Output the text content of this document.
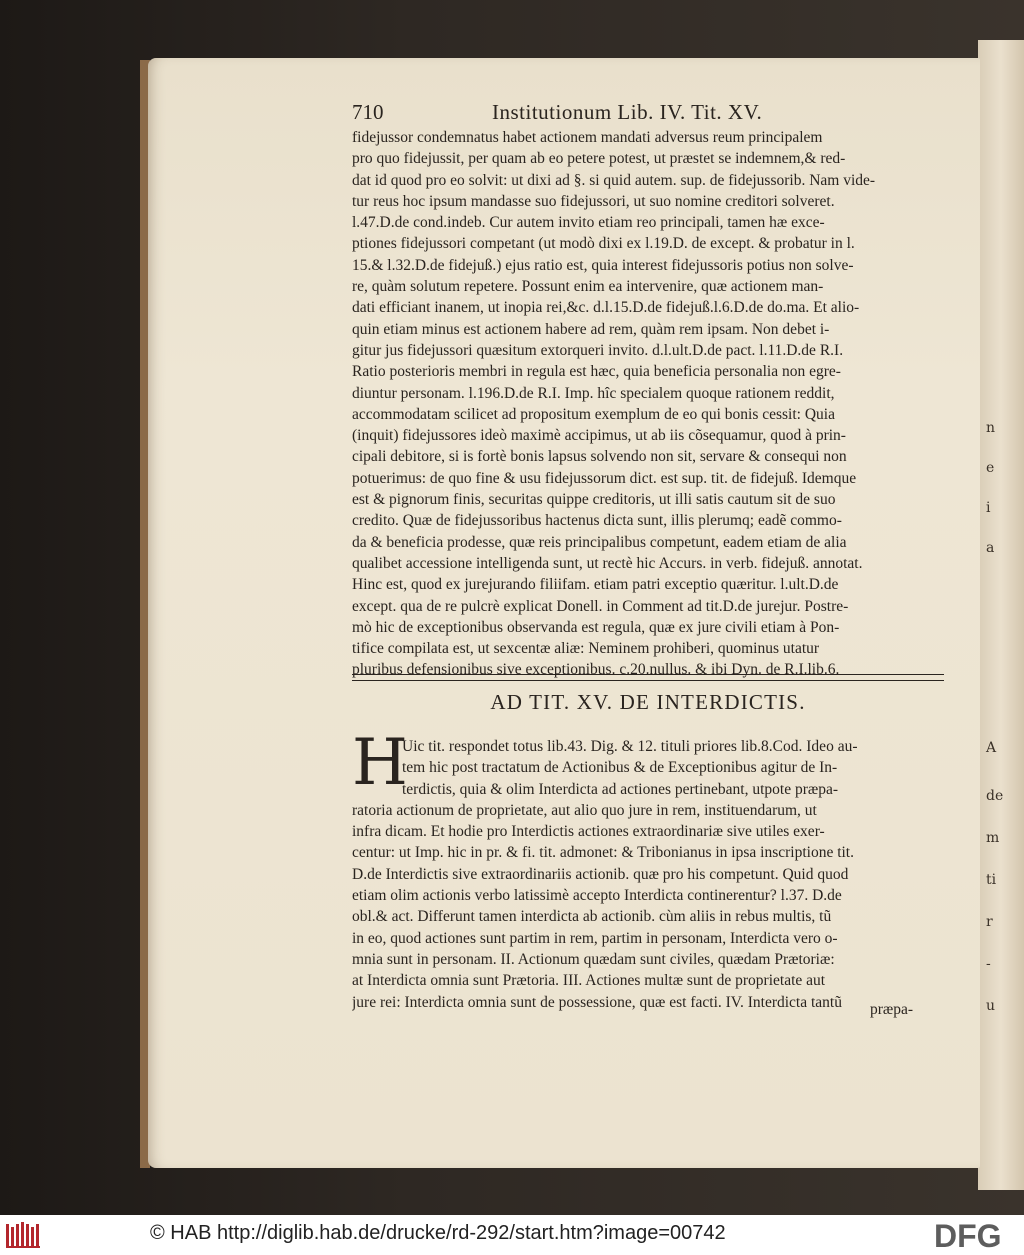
A
de
m
ti
r
-
u
n
e
i
a
710	Institutionum Lib. IV. Tit. XV.
fidejussor condemnatus habet actionem mandati adversus reum principalem
pro quo fidejussit, per quam ab eo petere potest, ut præstet se indemnem,& red-
dat id quod pro eo solvit: ut dixi ad §. si quid autem. sup. de fidejussorib. Nam vide-
tur reus hoc ipsum mandasse suo fidejussori, ut suo nomine creditori solveret.
l.47.D.de cond.indeb. Cur autem invito etiam reo principali, tamen hæ exce-
ptiones fidejussori competant (ut modò dixi ex l.19.D. de except. & probatur in l.
15.& l.32.D.de fidejuß.) ejus ratio est, quia interest fidejussoris potius non solve-
re, quàm solutum repetere. Possunt enim ea intervenire, quæ actionem man-
dati efficiant inanem, ut inopia rei,&c. d.l.15.D.de fidejuß.l.6.D.de do.ma. Et alio-
quin etiam minus est actionem habere ad rem, quàm rem ipsam. Non debet i-
gitur jus fidejussori quæsitum extorqueri invito. d.l.ult.D.de pact. l.11.D.de R.I.
Ratio posterioris membri in regula est hæc, quia beneficia personalia non egre-
diuntur personam. l.196.D.de R.I. Imp. hîc specialem quoque rationem reddit,
accommodatam scilicet ad propositum exemplum de eo qui bonis cessit: Quia
(inquit) fidejussores ideò maximè accipimus, ut ab iis cõsequamur, quod à prin-
cipali debitore, si is fortè bonis lapsus solvendo non sit, servare & consequi non
potuerimus: de quo fine & usu fidejussorum dict. est sup. tit. de fidejuß. Idemque
est & pignorum finis, securitas quippe creditoris, ut illi satis cautum sit de suo
credito. Quæ de fidejussoribus hactenus dicta sunt, illis plerumq; eadẽ commo-
da & beneficia prodesse, quæ reis principalibus competunt, eadem etiam de alia
qualibet accessione intelligenda sunt, ut rectè hic Accurs. in verb. fidejuß. annotat.
Hinc est, quod ex jurejurando filiifam. etiam patri exceptio quæritur. l.ult.D.de
except. qua de re pulcrè explicat Donell. in Comment ad tit.D.de jurejur. Postre-
mò hic de exceptionibus observanda est regula, quæ ex jure civili etiam à Pon-
tifice compilata est, ut sexcentæ aliæ: Neminem prohiberi, quominus utatur
pluribus defensionibus sive exceptionibus. c.20.nullus. & ibi Dyn. de R.I.lib.6.
AD TIT. XV. DE INTERDICTIS.
H
Uic tit. respondet totus lib.43. Dig. & 12. tituli priores lib.8.Cod. Ideo au-
tem hic post tractatum de Actionibus & de Exceptionibus agitur de In-
terdictis, quia & olim Interdicta ad actiones pertinebant, utpote præpa-
ratoria actionum de proprietate, aut alio quo jure in rem, instituendarum, ut
infra dicam. Et hodie pro Interdictis actiones extraordinariæ sive utiles exer-
centur: ut Imp. hic in pr. & fi. tit. admonet: & Tribonianus in ipsa inscriptione tit.
D.de Interdictis sive extraordinariis actionib. quæ pro his competunt. Quid quod
etiam olim actionis verbo latissimè accepto Interdicta continerentur? l.37. D.de
obl.& act. Differunt tamen interdicta ab actionib. cùm aliis in rebus multis, tũ
in eo, quod actiones sunt partim in rem, partim in personam, Interdicta vero o-
mnia sunt in personam. II. Actionum quædam sunt civiles, quædam Prætoriæ:
at Interdicta omnia sunt Prætoria. III. Actiones multæ sunt de proprietate aut
jure rei: Interdicta omnia sunt de possessione, quæ est facti. IV. Interdicta tantũ	præpa-
© HAB http://diglib.hab.de/drucke/rd-292/start.htm?image=00742	DFG
